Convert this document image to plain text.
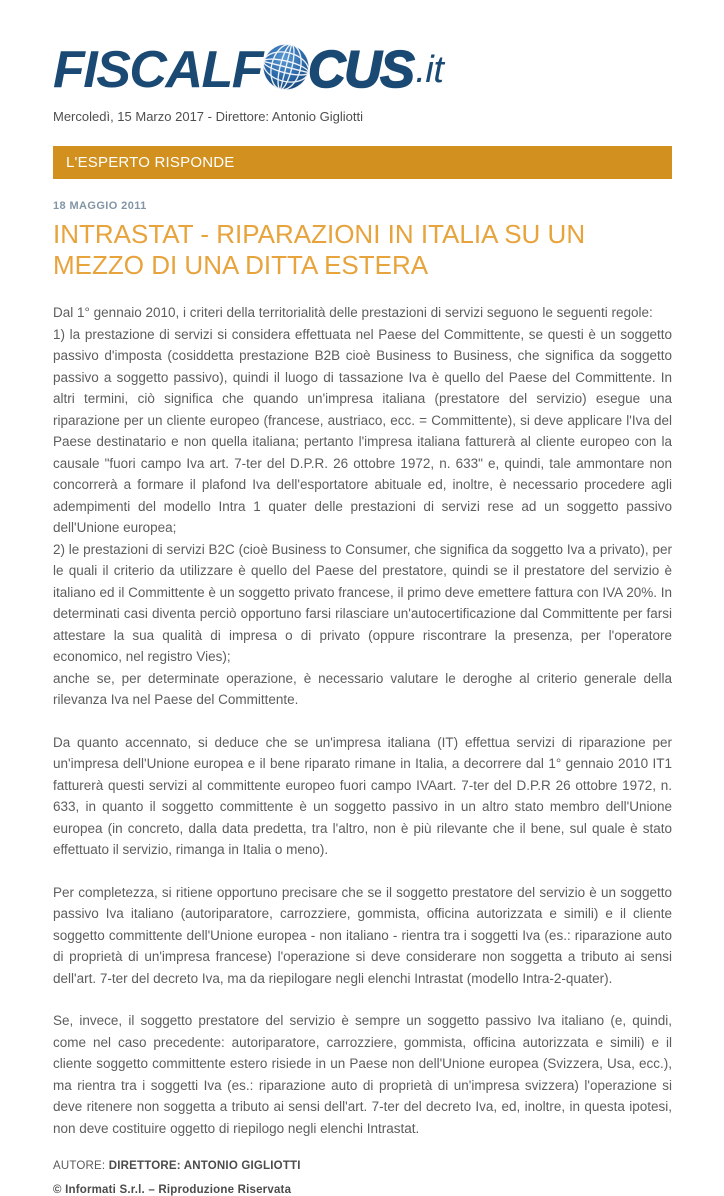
FISCALF CUS .it
Mercoledì, 15 Marzo 2017 - Direttore: Antonio Gigliotti
L'ESPERTO RISPONDE
18 MAGGIO 2011
INTRASTAT - RIPARAZIONI IN ITALIA SU UN MEZZO DI UNA DITTA ESTERA
Dal 1° gennaio 2010, i criteri della territorialità delle prestazioni di servizi seguono le seguenti regole:
1) la prestazione di servizi si considera effettuata nel Paese del Committente, se questi è un soggetto passivo d'imposta (cosiddetta prestazione B2B cioè Business to Business, che significa da soggetto passivo a soggetto passivo), quindi il luogo di tassazione Iva è quello del Paese del Committente. In altri termini, ciò significa che quando un'impresa italiana (prestatore del servizio) esegue una riparazione per un cliente europeo (francese, austriaco, ecc. = Committente), si deve applicare l'Iva del Paese destinatario e non quella italiana; pertanto l'impresa italiana fatturerà al cliente europeo con la causale "fuori campo Iva art. 7-ter del D.P.R. 26 ottobre 1972, n. 633" e, quindi, tale ammontare non concorrerà a formare il plafond Iva dell'esportatore abituale ed, inoltre, è necessario procedere agli adempimenti del modello Intra 1 quater delle prestazioni di servizi rese ad un soggetto passivo dell'Unione europea;
2) le prestazioni di servizi B2C (cioè Business to Consumer, che significa da soggetto Iva a privato), per le quali il criterio da utilizzare è quello del Paese del prestatore, quindi se il prestatore del servizio è italiano ed il Committente è un soggetto privato francese, il primo deve emettere fattura con IVA 20%. In determinati casi diventa perciò opportuno farsi rilasciare un'autocertificazione dal Committente per farsi attestare la sua qualità di impresa o di privato (oppure riscontrare la presenza, per l'operatore economico, nel registro Vies);
anche se, per determinate operazione, è necessario valutare le deroghe al criterio generale della rilevanza Iva nel Paese del Committente.
Da quanto accennato, si deduce che se un'impresa italiana (IT) effettua servizi di riparazione per un'impresa dell'Unione europea e il bene riparato rimane in Italia, a decorrere dal 1° gennaio 2010 IT1 fatturerà questi servizi al committente europeo fuori campo IVAart. 7-ter del D.P.R 26 ottobre 1972, n. 633, in quanto il soggetto committente è un soggetto passivo in un altro stato membro dell'Unione europea (in concreto, dalla data predetta, tra l'altro, non è più rilevante che il bene, sul quale è stato effettuato il servizio, rimanga in Italia o meno).
Per completezza, si ritiene opportuno precisare che se il soggetto prestatore del servizio è un soggetto passivo Iva italiano (autoriparatore, carrozziere, gommista, officina autorizzata e simili) e il cliente soggetto committente dell'Unione europea - non italiano - rientra tra i soggetti Iva (es.: riparazione auto di proprietà di un'impresa francese) l'operazione si deve considerare non soggetta a tributo ai sensi dell'art. 7-ter del decreto Iva, ma da riepilogare negli elenchi Intrastat (modello Intra-2-quater).
Se, invece, il soggetto prestatore del servizio è sempre un soggetto passivo Iva italiano (e, quindi, come nel caso precedente: autoriparatore, carrozziere, gommista, officina autorizzata e simili) e il cliente soggetto committente estero risiede in un Paese non dell'Unione europea (Svizzera, Usa, ecc.), ma rientra tra i soggetti Iva (es.: riparazione auto di proprietà di un'impresa svizzera) l'operazione si deve ritenere non soggetta a tributo ai sensi dell'art. 7-ter del decreto Iva, ed, inoltre, in questa ipotesi, non deve costituire oggetto di riepilogo negli elenchi Intrastat.
AUTORE: DIRETTORE: ANTONIO GIGLIOTTI
© Informati S.r.l. – Riproduzione Riservata
